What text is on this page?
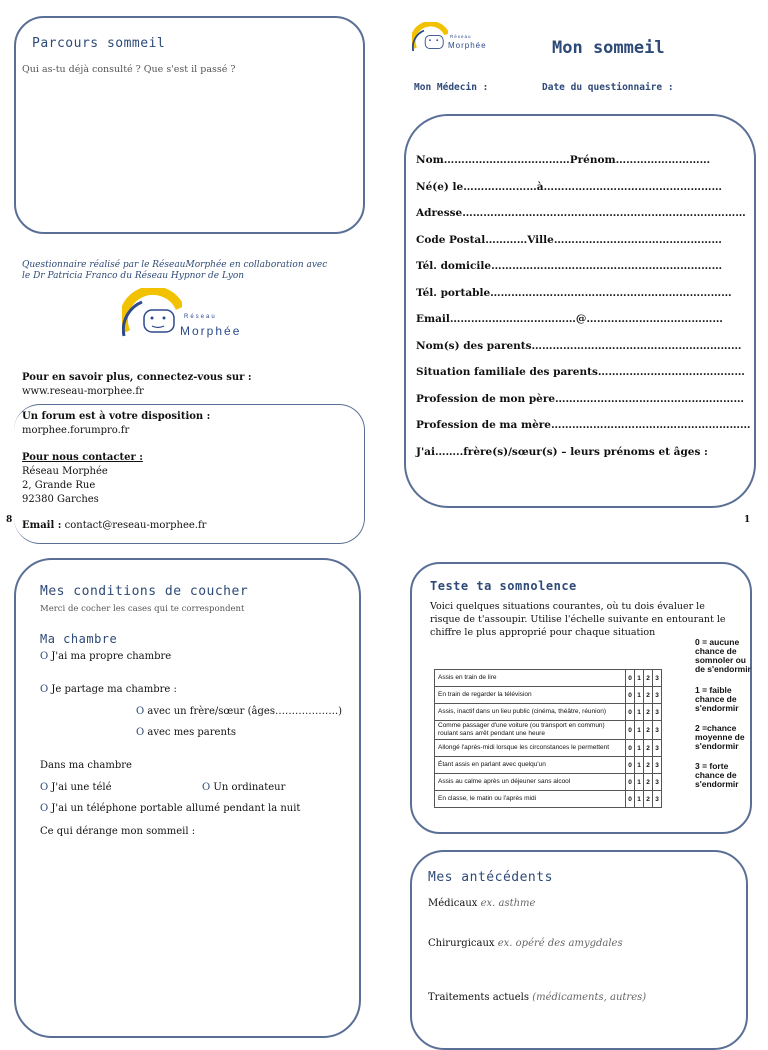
Parcours sommeil
Qui as-tu déjà consulté ? Que s'est il passé ?
Questionnaire réalisé par le RéseauMorphée en collaboration avec le Dr Patricia Franco du Réseau Hypnor de Lyon
Réseau
Morphée
Pour en savoir plus, connectez-vous sur :
www.reseau-morphee.fr
Un forum est à votre disposition :
morphee.forumpro.fr
Pour nous contacter :
Réseau Morphée
2, Grande Rue
92380 Garches
8 Email : contact@reseau-morphee.fr
Réseau
Morphée	Mon sommeil
Mon Médecin :	Date du questionnaire :
Nom………………………………Prénom………………………
Né(e) le…………………à……………………………………………
Adresse………………………………………………………………………
Code Postal…………Ville…………………………………………
Tél. domicile…………………………………………………………
Tél. portable……………………………………………………………
Email………………………………@…………………………………
Nom(s) des parents……………………………………………………
Situation familiale des parents……………………………………
Profession de mon père………………………………………………
Profession de ma mère…………………………………………………
J'ai……..frère(s)/sœur(s) – leurs prénoms et âges :
1
Mes conditions de coucher
Merci de cocher les cases qui te correspondent
Ma chambre
O J'ai ma propre chambre
O Je partage ma chambre :
O avec un frère/sœur (âges……………….)
O avec mes parents
Dans ma chambre
O J'ai une télé	O Un ordinateur
O J'ai un téléphone portable allumé pendant la nuit
Ce qui dérange mon sommeil :
Teste ta somnolence
Voici quelques situations courantes, où tu dois évaluer le risque de t'assoupir. Utilise l'échelle suivante en entourant le chiffre le plus approprié pour chaque situation
Assis en train de lire	0	1	2	3
En train de regarder la télévision	0	1	2	3
Assis, inactif dans un lieu public (cinéma, théâtre, réunion)	0	1	2	3
Comme passager d'une voiture (ou transport en commun) roulant sans arrêt pendant une heure	0	1	2	3
Allongé l'après-midi lorsque les circonstances le permettent	0	1	2	3
Étant assis en parlant avec quelqu'un	0	1	2	3
Assis au calme après un déjeuner sans alcool	0	1	2	3
En classe, le matin ou l'après midi	0	1	2	3
0 = aucune chance de somnoler ou de s'endormir
1 = faible chance de s'endormir
2 =chance moyenne de s'endormir
3 = forte chance de s'endormir
Mes antécédents
Médicaux ex. asthme
Chirurgicaux ex. opéré des amygdales
Traitements actuels (médicaments, autres)
